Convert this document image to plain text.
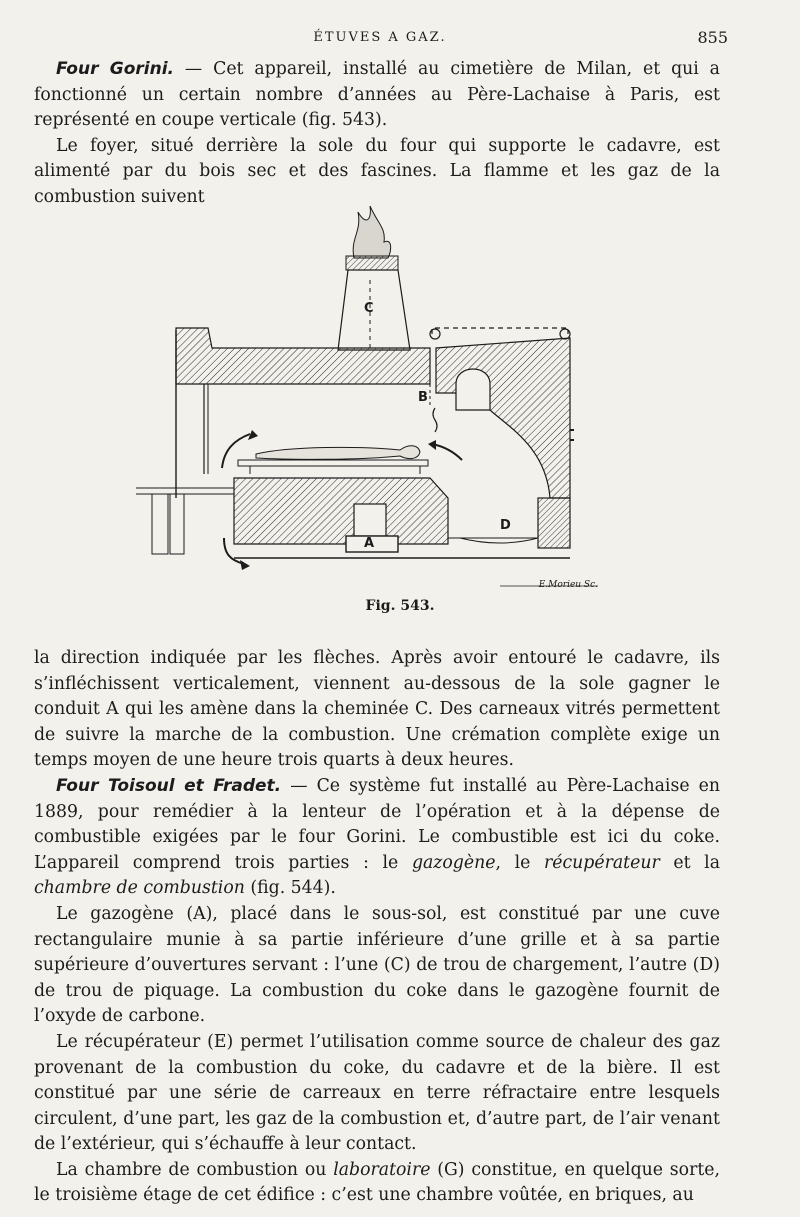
ÉTUVES A GAZ.	855

Four Gorini. — Cet appareil, installé au cimetière de Milan, et qui a fonctionné un certain nombre d’années au Père-Lachaise à Paris, est représenté en coupe verticale (fig. 543).

Le foyer, situé derrière la sole du four qui supporte le cadavre, est alimenté par du bois sec et des fascines. La flamme et les gaz de la combustion suivent

C
B
D
A
E.Morieu Sc.
Fig. 543.

la direction indiquée par les flèches. Après avoir entouré le cadavre, ils s’infléchissent verticalement, viennent au-dessous de la sole gagner le conduit A qui les amène dans la cheminée C. Des carneaux vitrés permettent de suivre la marche de la combustion. Une crémation complète exige un temps moyen de une heure trois quarts à deux heures.

Four Toisoul et Fradet. — Ce système fut installé au Père-Lachaise en 1889, pour remédier à la lenteur de l’opération et à la dépense de combustible exigées par le four Gorini. Le combustible est ici du coke. L’appareil comprend trois parties : le gazogène, le récupérateur et la chambre de combustion (fig. 544).

Le gazogène (A), placé dans le sous-sol, est constitué par une cuve rectangulaire munie à sa partie inférieure d’une grille et à sa partie supérieure d’ouvertures servant : l’une (C) de trou de chargement, l’autre (D) de trou de piquage. La combustion du coke dans le gazogène fournit de l’oxyde de carbone.

Le récupérateur (E) permet l’utilisation comme source de chaleur des gaz provenant de la combustion du coke, du cadavre et de la bière. Il est constitué par une série de carreaux en terre réfractaire entre lesquels circulent, d’une part, les gaz de la combustion et, d’autre part, de l’air venant de l’extérieur, qui s’échauffe à leur contact.

La chambre de combustion ou laboratoire (G) constitue, en quelque sorte, le troisième étage de cet édifice : c’est une chambre voûtée, en briques, au
